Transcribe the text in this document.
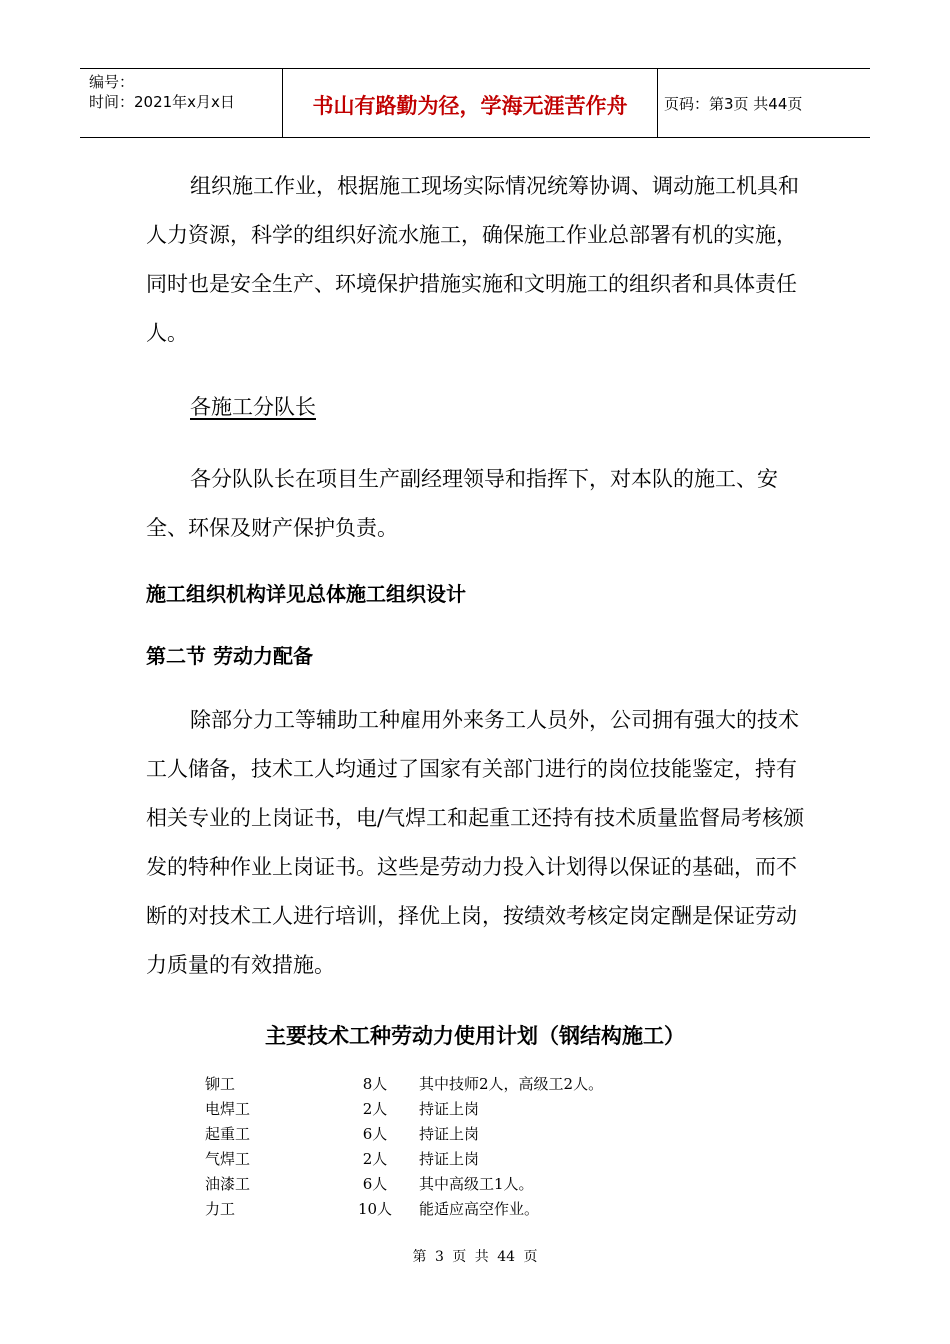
编号：
时间：2021年x月x日	书山有路勤为径，学海无涯苦作舟	页码：第3页 共44页

组织施工作业，根据施工现场实际情况统筹协调、调动施工机具和人力资源，科学的组织好流水施工，确保施工作业总部署有机的实施，同时也是安全生产、环境保护措施实施和文明施工的组织者和具体责任人。

各施工分队长

各分队队长在项目生产副经理领导和指挥下，对本队的施工、安全、环保及财产保护负责。

施工组织机构详见总体施工组织设计
第二节 劳动力配备

除部分力工等辅助工种雇用外来务工人员外，公司拥有强大的技术工人储备，技术工人均通过了国家有关部门进行的岗位技能鉴定，持有相关专业的上岗证书，电/气焊工和起重工还持有技术质量监督局考核颁发的特种作业上岗证书。这些是劳动力投入计划得以保证的基础，而不断的对技术工人进行培训，择优上岗，按绩效考核定岗定酬是保证劳动力质量的有效措施。

主要技术工种劳动力使用计划（钢结构施工）
铆工	8人	其中技师2人，高级工2人。
电焊工	2人	持证上岗
起重工	6人	持证上岗
气焊工	2人	持证上岗
油漆工	6人	其中高级工1人。
力工	10人	能适应高空作业。
第 3 页 共 44 页
